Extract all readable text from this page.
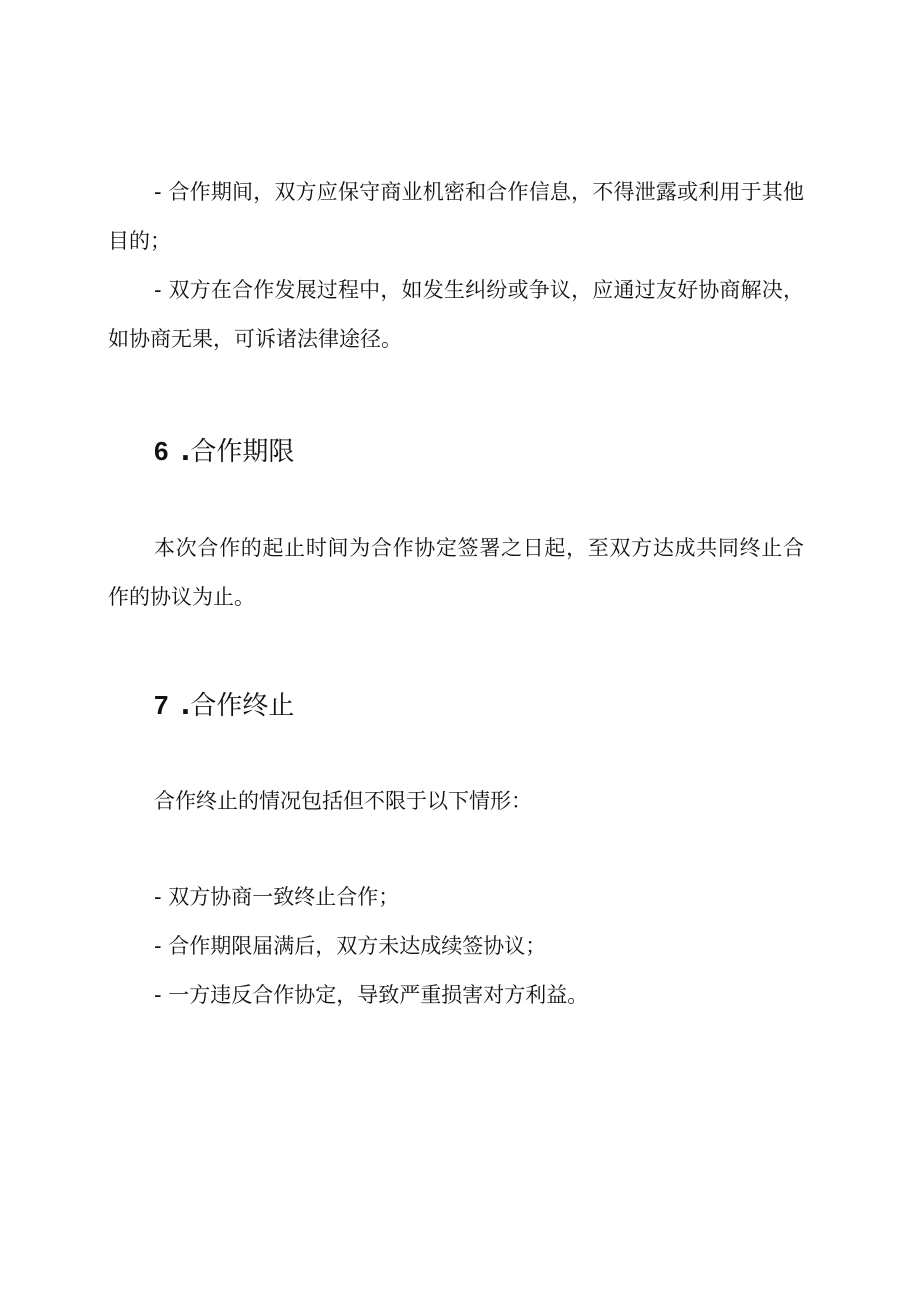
- 合作期间，双方应保守商业机密和合作信息，不得泄露或利用于其他目的；

- 双方在合作发展过程中，如发生纠纷或争议，应通过友好协商解决，如协商无果，可诉诸法律途径。

6 .合作期限

本次合作的起止时间为合作协定签署之日起，至双方达成共同终止合作的协议为止。

7 .合作终止

合作终止的情况包括但不限于以下情形：

- 双方协商一致终止合作；

- 合作期限届满后，双方未达成续签协议；

- 一方违反合作协定，导致严重损害对方利益。
